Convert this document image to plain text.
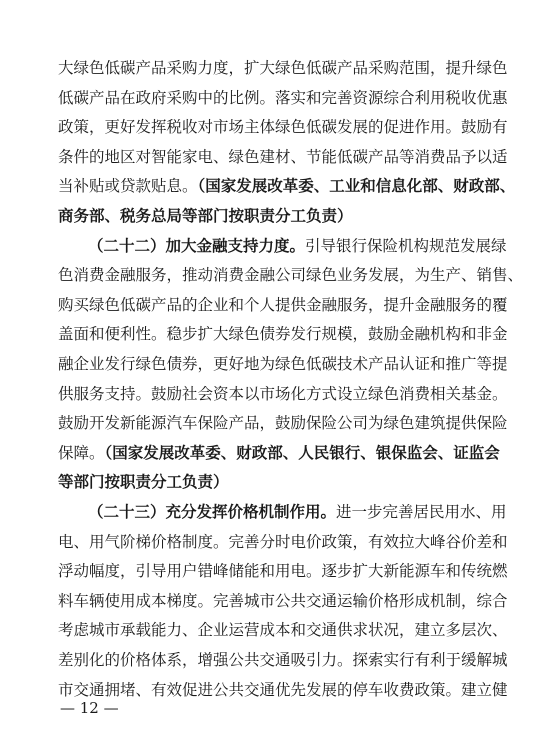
大绿色低碳产品采购力度，扩大绿色低碳产品采购范围，提升绿色
低碳产品在政府采购中的比例。落实和完善资源综合利用税收优惠
政策，更好发挥税收对市场主体绿色低碳发展的促进作用。鼓励有
条件的地区对智能家电、绿色建材、节能低碳产品等消费品予以适
当补贴或贷款贴息。（国家发展改革委、工业和信息化部、财政部、
商务部、税务总局等部门按职责分工负责）
（二十二）加大金融支持力度。引导银行保险机构规范发展绿
色消费金融服务，推动消费金融公司绿色业务发展，为生产、销售、
购买绿色低碳产品的企业和个人提供金融服务，提升金融服务的覆
盖面和便利性。稳步扩大绿色债券发行规模，鼓励金融机构和非金
融企业发行绿色债券，更好地为绿色低碳技术产品认证和推广等提
供服务支持。鼓励社会资本以市场化方式设立绿色消费相关基金。
鼓励开发新能源汽车保险产品，鼓励保险公司为绿色建筑提供保险
保障。（国家发展改革委、财政部、人民银行、银保监会、证监会
等部门按职责分工负责）
（二十三）充分发挥价格机制作用。进一步完善居民用水、用
电、用气阶梯价格制度。完善分时电价政策，有效拉大峰谷价差和
浮动幅度，引导用户错峰储能和用电。逐步扩大新能源车和传统燃
料车辆使用成本梯度。完善城市公共交通运输价格形成机制，综合
考虑城市承载能力、企业运营成本和交通供求状况，建立多层次、
差别化的价格体系，增强公共交通吸引力。探索实行有利于缓解城
市交通拥堵、有效促进公共交通优先发展的停车收费政策。建立健
— 12 —
